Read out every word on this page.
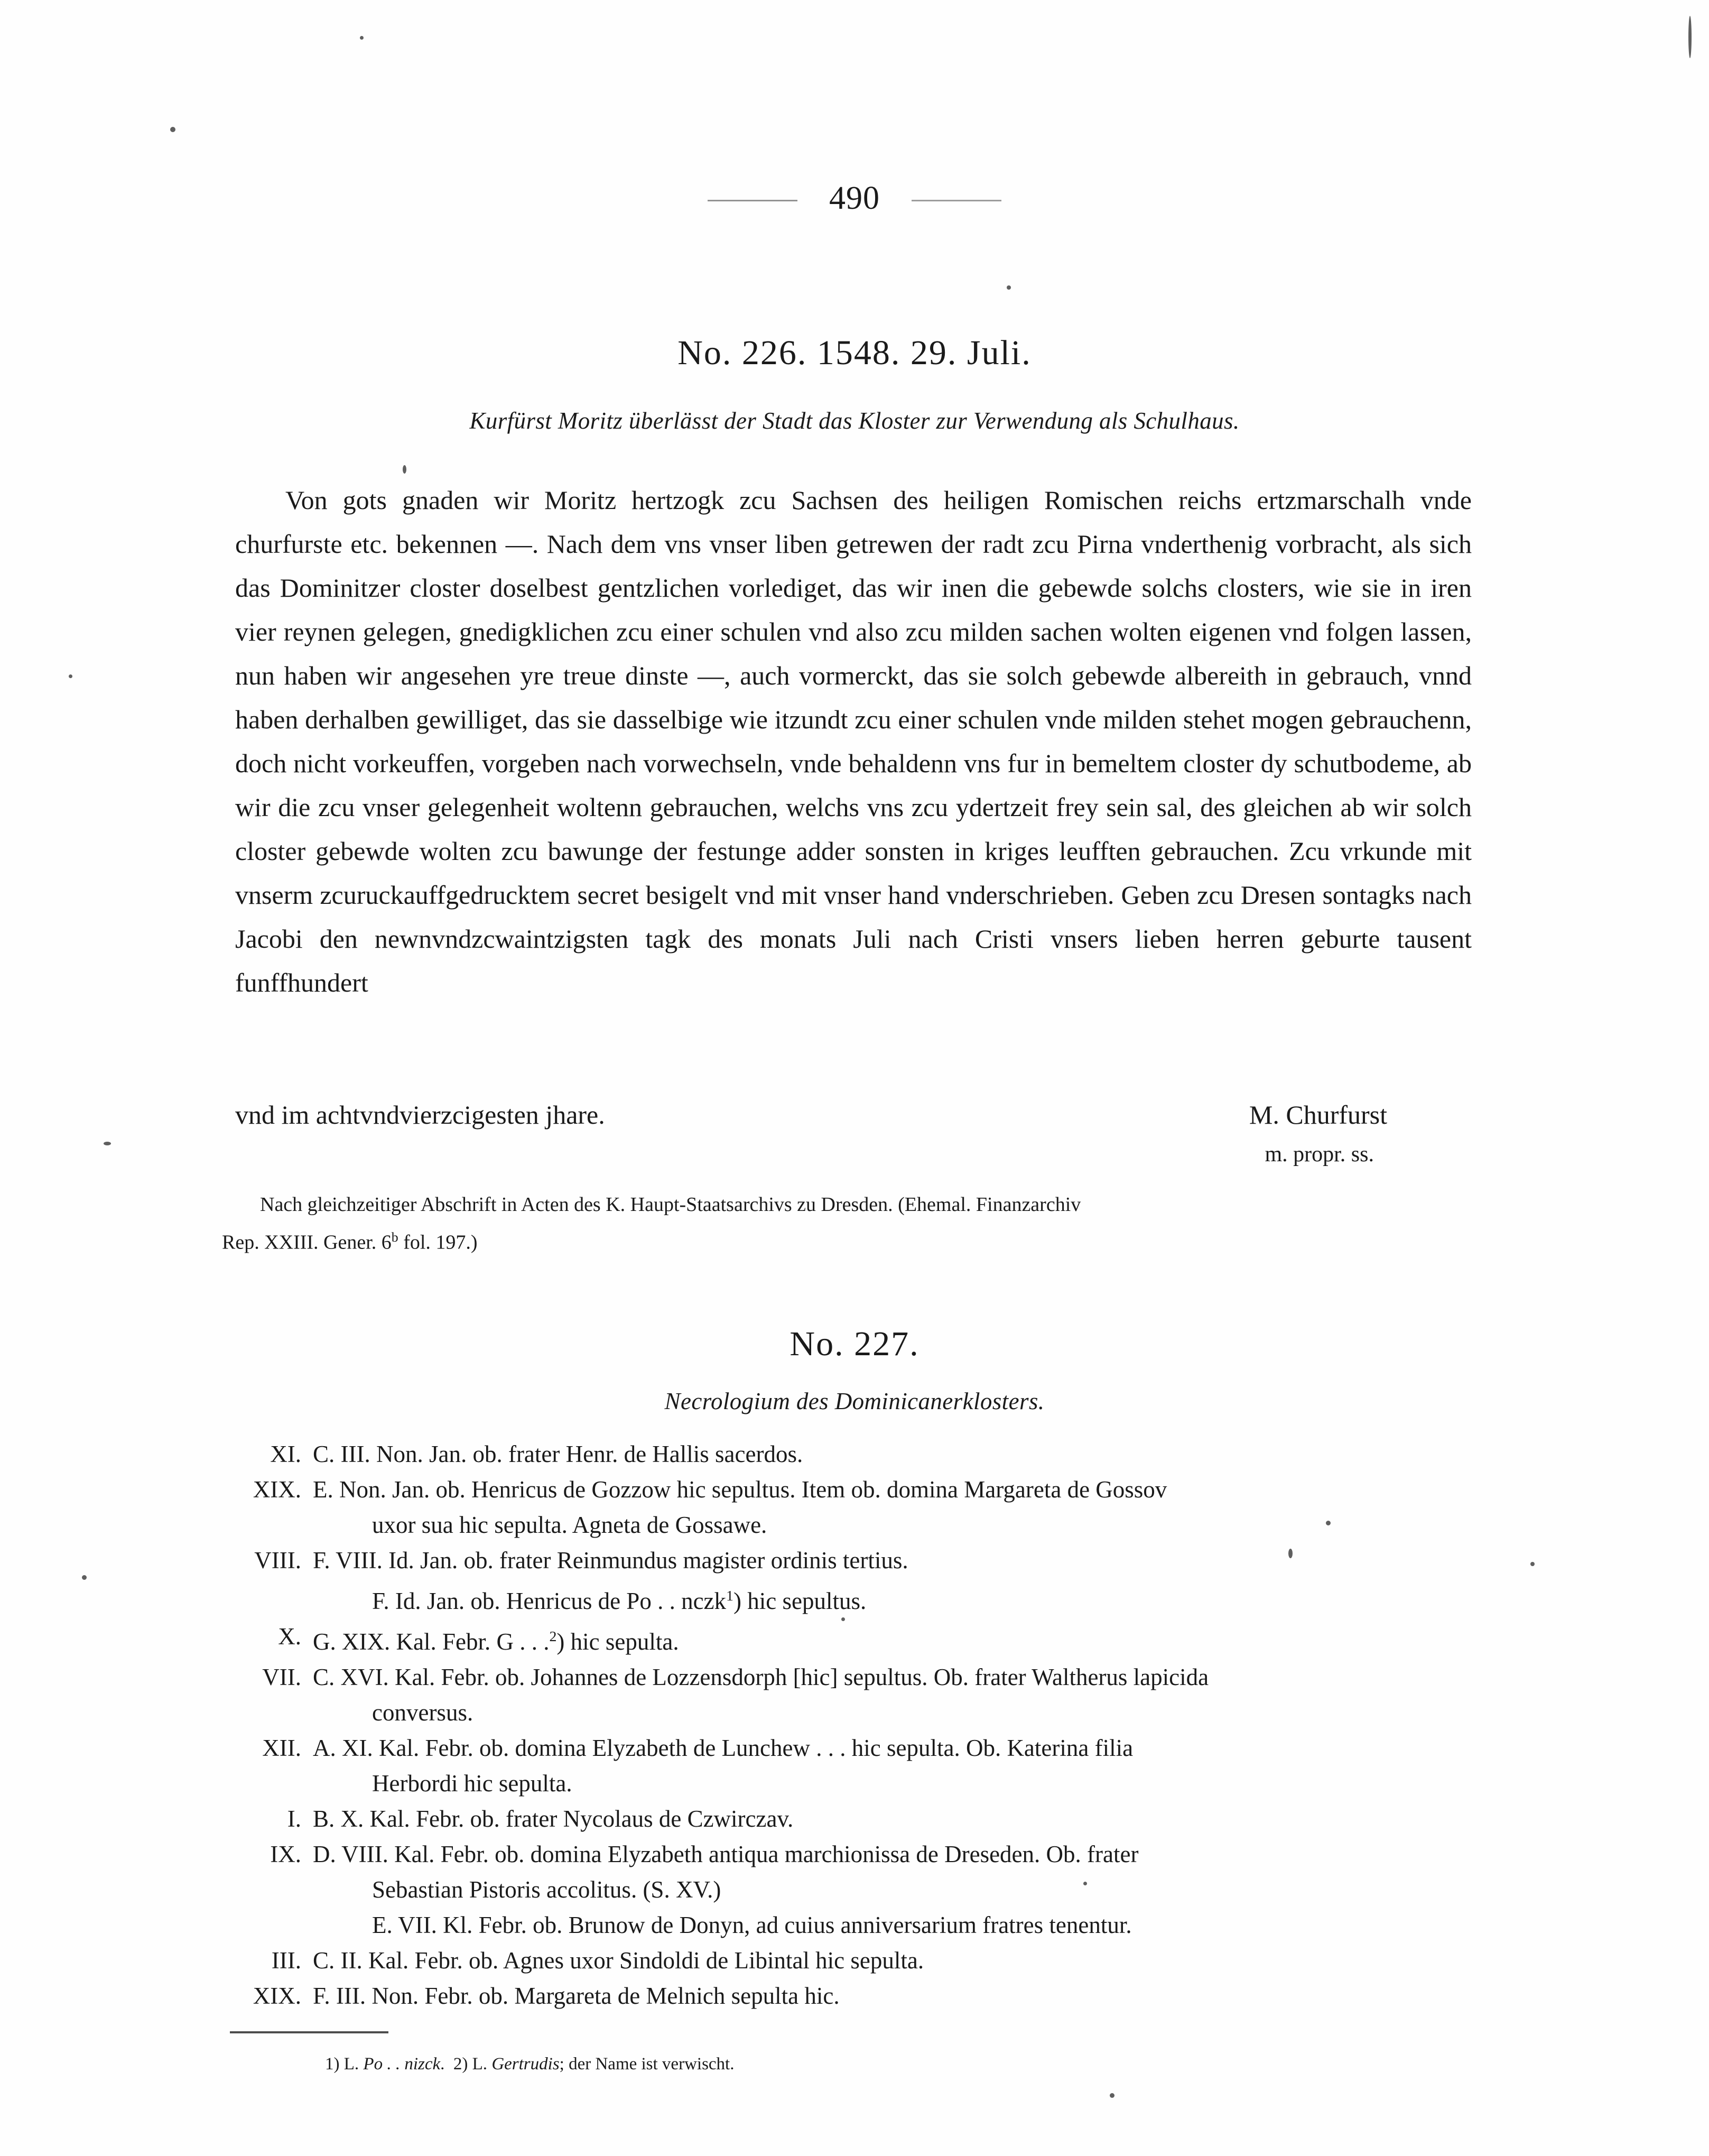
490
No. 226. 1548. 29. Juli.
Kurfürst Moritz überlässt der Stadt das Kloster zur Verwendung als Schulhaus.
Von gots gnaden wir Moritz hertzogk zcu Sachsen des heiligen Romischen reichs ertzmarschalh vnde churfurste etc. bekennen —. Nach dem vns vnser liben getrewen der radt zcu Pirna vnderthenig vorbracht, als sich das Dominitzer closter doselbest gentzlichen vorlediget, das wir inen die gebewde solchs closters, wie sie in iren vier reynen gelegen, gnedigklichen zcu einer schulen vnd also zcu milden sachen wolten eigenen vnd folgen lassen, nun haben wir angesehen yre treue dinste —, auch vormerckt, das sie solch gebewde albereith in gebrauch, vnnd haben derhalben gewilliget, das sie dasselbige wie itzundt zcu einer schulen vnde milden stehet mogen gebrauchenn, doch nicht vorkeuffen, vorgeben nach vorwechseln, vnde behaldenn vns fur in bemeltem closter dy schutbodeme, ab wir die zcu vnser gelegenheit woltenn gebrauchen, welchs vns zcu ydertzeit frey sein sal, des gleichen ab wir solch closter gebewde wolten zcu bawunge der festunge adder sonsten in kriges leufften gebrauchen. Zcu vrkunde mit vnserm zcuruckauffgedrucktem secret besigelt vnd mit vnser hand vnderschrieben. Geben zcu Dresen sontagks nach Jacobi den newnvndzcwaintzigsten tagk des monats Juli nach Cristi vnsers lieben herren geburte tausent funffhundert
vnd im achtvndvierzcigesten jhare.	M. Churfurst
m. propr. ss.
Nach gleichzeitiger Abschrift in Acten des K. Haupt-Staatsarchivs zu Dresden. (Ehemal. Finanzarchiv
Rep. XXIII. Gener. 6$^b$ fol. 197.)
No. 227.
Necrologium des Dominicanerklosters.
XI. C. III. Non. Jan. ob. frater Henr. de Hallis sacerdos.
XIX. E. Non. Jan. ob. Henricus de Gozzow hic sepultus. Item ob. domina Margareta de Gossov
uxor sua hic sepulta. Agneta de Gossawe.
VIII. F. VIII. Id. Jan. ob. frater Reinmundus magister ordinis tertius.
F. Id. Jan. ob. Henricus de Po . . nczk$^1$) hic sepultus.
X. G. XIX. Kal. Febr. G . . .$^2$) hic sepulta.
VII. C. XVI. Kal. Febr. ob. Johannes de Lozzensdorph [hic] sepultus. Ob. frater Waltherus lapicida
conversus.
XII. A. XI. Kal. Febr. ob. domina Elyzabeth de Lunchew . . . hic sepulta. Ob. Katerina filia
Herbordi hic sepulta.
I. B. X. Kal. Febr. ob. frater Nycolaus de Czwirczav.
IX. D. VIII. Kal. Febr. ob. domina Elyzabeth antiqua marchionissa de Dreseden. Ob. frater
Sebastian Pistoris accolitus. (S. XV.)
E. VII. Kl. Febr. ob. Brunow de Donyn, ad cuius anniversarium fratres tenentur.
III. C. II. Kal. Febr. ob. Agnes uxor Sindoldi de Libintal hic sepulta.
XIX. F. III. Non. Febr. ob. Margareta de Melnich sepulta hic.
1) L. Po . . nizck. 2) L. Gertrudis; der Name ist verwischt.
